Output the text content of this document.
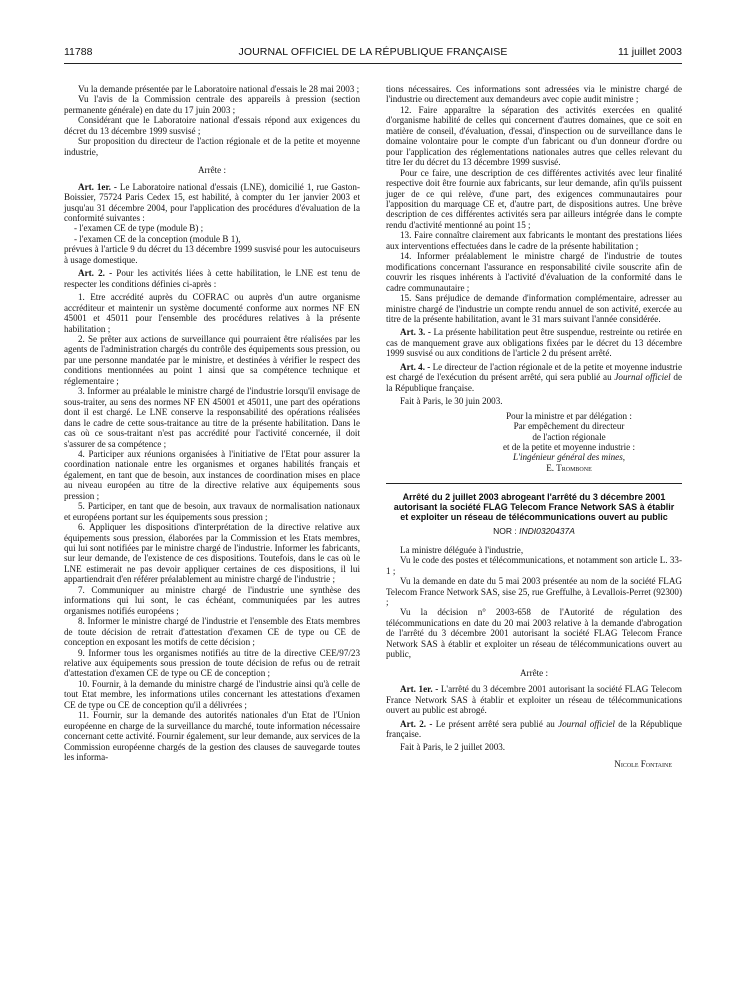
11788	JOURNAL OFFICIEL DE LA RÉPUBLIQUE FRANÇAISE	11 juillet 2003

Vu la demande présentée par le Laboratoire national d'essais le 28 mai 2003 ;

Vu l'avis de la Commission centrale des appareils à pression (section permanente générale) en date du 17 juin 2003 ;

Considérant que le Laboratoire national d'essais répond aux exigences du décret du 13 décembre 1999 susvisé ;

Sur proposition du directeur de l'action régionale et de la petite et moyenne industrie,

Arrête :

Art. 1er. - Le Laboratoire national d'essais (LNE), domicilié 1, rue Gaston-Boissier, 75724 Paris Cedex 15, est habilité, à compter du 1er janvier 2003 et jusqu'au 31 décembre 2004, pour l'application des procédures d'évaluation de la conformité suivantes :

- l'examen CE de type (module B) ;

- l'examen CE de la conception (module B 1),

prévues à l'article 9 du décret du 13 décembre 1999 susvisé pour les autocuiseurs à usage domestique.

Art. 2. - Pour les activités liées à cette habilitation, le LNE est tenu de respecter les conditions définies ci-après :

1. Etre accrédité auprès du COFRAC ou auprès d'un autre organisme accréditeur et maintenir un système documenté conforme aux normes NF EN 45001 et 45011 pour l'ensemble des procédures relatives à la présente habilitation ;

2. Se prêter aux actions de surveillance qui pourraient être réalisées par les agents de l'administration chargés du contrôle des équipements sous pression, ou par une personne mandatée par le ministre, et destinées à vérifier le respect des conditions mentionnées au point 1 ainsi que sa compétence technique et réglementaire ;

3. Informer au préalable le ministre chargé de l'industrie lorsqu'il envisage de sous-traiter, au sens des normes NF EN 45001 et 45011, une part des opérations dont il est chargé. Le LNE conserve la responsabilité des opérations réalisées dans le cadre de cette sous-traitance au titre de la présente habilitation. Dans le cas où ce sous-traitant n'est pas accrédité pour l'activité concernée, il doit s'assurer de sa compétence ;

4. Participer aux réunions organisées à l'initiative de l'Etat pour assurer la coordination nationale entre les organismes et organes habilités français et également, en tant que de besoin, aux instances de coordination mises en place au niveau européen au titre de la directive relative aux équipements sous pression ;

5. Participer, en tant que de besoin, aux travaux de normalisation nationaux et européens portant sur les équipements sous pression ;

6. Appliquer les dispositions d'interprétation de la directive relative aux équipements sous pression, élaborées par la Commission et les Etats membres, qui lui sont notifiées par le ministre chargé de l'industrie. Informer les fabricants, sur leur demande, de l'existence de ces dispositions. Toutefois, dans le cas où le LNE estimerait ne pas devoir appliquer certaines de ces dispositions, il lui appartiendrait d'en référer préalablement au ministre chargé de l'industrie ;

7. Communiquer au ministre chargé de l'industrie une synthèse des informations qui lui sont, le cas échéant, communiquées par les autres organismes notifiés européens ;

8. Informer le ministre chargé de l'industrie et l'ensemble des Etats membres de toute décision de retrait d'attestation d'examen CE de type ou CE de conception en exposant les motifs de cette décision ;

9. Informer tous les organismes notifiés au titre de la directive CEE/97/23 relative aux équipements sous pression de toute décision de refus ou de retrait d'attestation d'examen CE de type ou CE de conception ;

10. Fournir, à la demande du ministre chargé de l'industrie ainsi qu'à celle de tout Etat membre, les informations utiles concernant les attestations d'examen CE de type ou CE de conception qu'il a délivrées ;

11. Fournir, sur la demande des autorités nationales d'un Etat de l'Union européenne en charge de la surveillance du marché, toute information nécessaire concernant cette activité. Fournir également, sur leur demande, aux services de la Commission européenne chargés de la gestion des clauses de sauvegarde toutes les informa-

tions nécessaires. Ces informations sont adressées via le ministre chargé de l'industrie ou directement aux demandeurs avec copie audit ministre ;

12. Faire apparaître la séparation des activités exercées en qualité d'organisme habilité de celles qui concernent d'autres domaines, que ce soit en matière de conseil, d'évaluation, d'essai, d'inspection ou de surveillance dans le domaine volontaire pour le compte d'un fabricant ou d'un donneur d'ordre ou pour l'application des réglementations nationales autres que celles relevant du titre Ier du décret du 13 décembre 1999 susvisé.

Pour ce faire, une description de ces différentes activités avec leur finalité respective doit être fournie aux fabricants, sur leur demande, afin qu'ils puissent juger de ce qui relève, d'une part, des exigences communautaires pour l'apposition du marquage CE et, d'autre part, de dispositions autres. Une brève description de ces différentes activités sera par ailleurs intégrée dans le compte rendu d'activité mentionné au point 15 ;

13. Faire connaître clairement aux fabricants le montant des prestations liées aux interventions effectuées dans le cadre de la présente habilitation ;

14. Informer préalablement le ministre chargé de l'industrie de toutes modifications concernant l'assurance en responsabilité civile souscrite afin de couvrir les risques inhérents à l'activité d'évaluation de la conformité dans le cadre communautaire ;

15. Sans préjudice de demande d'information complémentaire, adresser au ministre chargé de l'industrie un compte rendu annuel de son activité, exercée au titre de la présente habilitation, avant le 31 mars suivant l'année considérée.

Art. 3. - La présente habilitation peut être suspendue, restreinte ou retirée en cas de manquement grave aux obligations fixées par le décret du 13 décembre 1999 susvisé ou aux conditions de l'article 2 du présent arrêté.

Art. 4. - Le directeur de l'action régionale et de la petite et moyenne industrie est chargé de l'exécution du présent arrêté, qui sera publié au Journal officiel de la République française.

Fait à Paris, le 30 juin 2003.

Pour la ministre et par délégation :
Par empêchement du directeur
de l'action régionale
et de la petite et moyenne industrie :
L'ingénieur général des mines,
E. Trombone
Arrêté du 2 juillet 2003 abrogeant l'arrêté du 3 décembre 2001 autorisant la société FLAG Telecom France Network SAS à établir et exploiter un réseau de télécommunications ouvert au public
NOR : INDI0320437A

La ministre déléguée à l'industrie,

Vu le code des postes et télécommunications, et notamment son article L. 33-1 ;

Vu la demande en date du 5 mai 2003 présentée au nom de la société FLAG Telecom France Network SAS, sise 25, rue Greffulhe, à Levallois-Perret (92300) ;

Vu la décision n° 2003-658 de l'Autorité de régulation des télécommunications en date du 20 mai 2003 relative à la demande d'abrogation de l'arrêté du 3 décembre 2001 autorisant la société FLAG Telecom France Network SAS à établir et exploiter un réseau de télécommunications ouvert au public,

Arrête :

Art. 1er. - L'arrêté du 3 décembre 2001 autorisant la société FLAG Telecom France Network SAS à établir et exploiter un réseau de télécommunications ouvert au public est abrogé.

Art. 2. - Le présent arrêté sera publié au Journal officiel de la République française.

Fait à Paris, le 2 juillet 2003.

Nicole Fontaine
